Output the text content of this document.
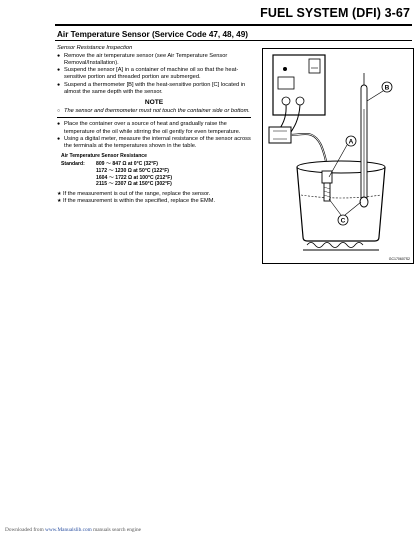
FUEL SYSTEM (DFI) 3-67
Air Temperature Sensor (Service Code 47, 48, 49)

Sensor Resistance Inspection

● Remove the air temperature sensor (see Air Temperature Sensor Removal/Installation).

● Suspend the sensor [A] in a container of machine oil so that the heat-sensitive portion and threaded portion are submerged.

● Suspend a thermometer [B] with the heat-sensitive portion [C] located in almost the same depth with the sensor.

NOTE
○ The sensor and thermometer must not touch the container side or bottom.

● Place the container over a source of heat and gradually raise the temperature of the oil while stirring the oil gently for even temperature.

● Using a digital meter, measure the internal resistance of the sensor across the terminals at the temperatures shown in the table.

Air Temperature Sensor Resistance
Standard:	809 ～ 847 Ω at 0°C (32°F)
1172 ～ 1230 Ω at 50°C (122°F)
1604 ～ 1722 Ω at 100°C (212°F)
2115 ～ 2307 Ω at 150°C (302°F)

★ If the measurement is out of the range, replace the sensor.

★ If the measurement is within the specified, replace the EMM.

A
B
C
GC170607S2
Downloaded from www.Manualslib.com manuals search engine
